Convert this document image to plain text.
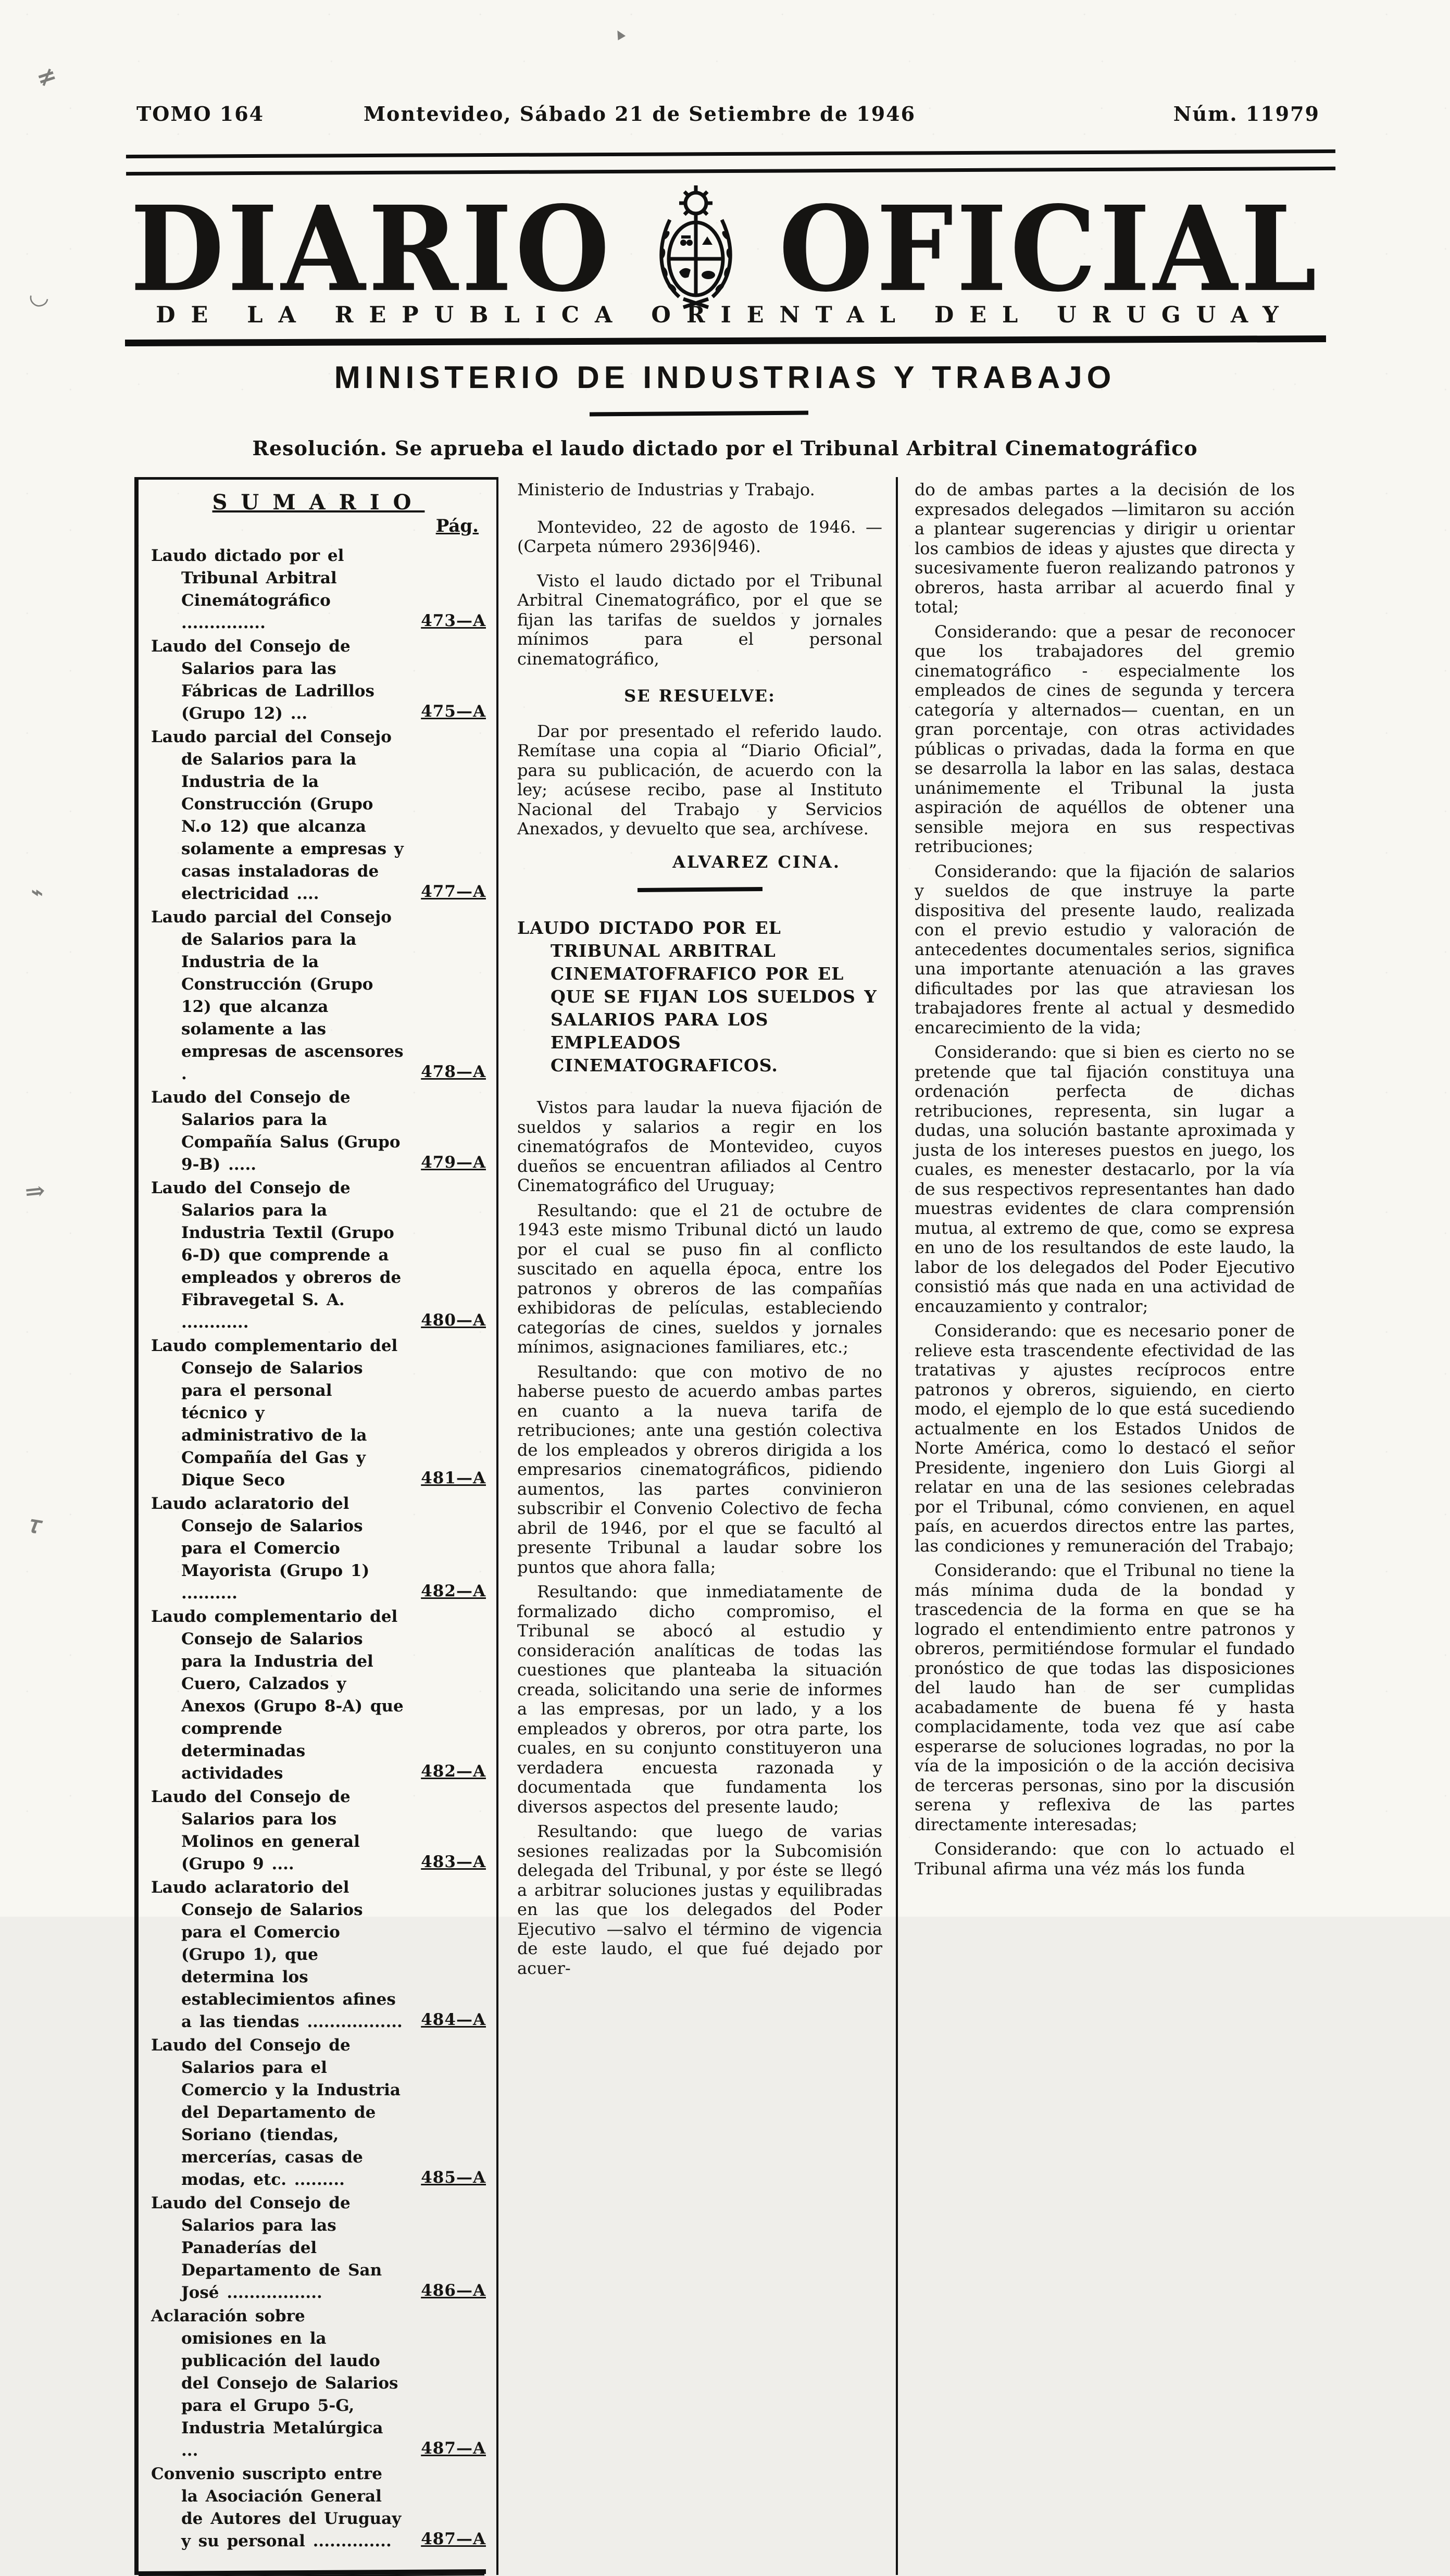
≠
◡
⌁
⇒
𝜏
▴
TOMO 164	Montevideo, Sábado 21 de Setiembre de 1946	Núm. 11979
DIARIO OFICIAL
DE LA REPUBLICA ORIENTAL DEL URUGUAY
MINISTERIO DE INDUSTRIAS Y TRABAJO
Resolución. Se aprueba el laudo dictado por el Tribunal Arbitral Cinematográfico
SUMARIO
Pág.
Laudo dictado por el Tribunal Arbitral Cinemátográfico ...............	473—A
Laudo del Consejo de Salarios para las Fábricas de Ladrillos (Grupo 12) ...	475—A
Laudo parcial del Consejo de Salarios para la Industria de la Construcción (Grupo N.o 12) que alcanza solamente a empresas y casas instaladoras de electricidad ....	477—A
Laudo parcial del Consejo de Salarios para la Industria de la Construcción (Grupo 12) que alcanza solamente a las empresas de ascensores .	478—A
Laudo del Consejo de Salarios para la Compañía Salus (Grupo 9-B) .....	479—A
Laudo del Consejo de Salarios para la Industria Textil (Grupo 6-D) que comprende a empleados y obreros de Fibravegetal S. A. ............	480—A
Laudo complementario del Consejo de Salarios para el personal técnico y administrativo de la Compañía del Gas y Dique Seco	481—A
Laudo aclaratorio del Consejo de Salarios para el Comercio Mayorista (Grupo 1) ..........	482—A
Laudo complementario del Consejo de Salarios para la Industria del Cuero, Calzados y Anexos (Grupo 8-A) que comprende determinadas actividades	482—A
Laudo del Consejo de Salarios para los Molinos en general (Grupo 9 ....	483—A
Laudo aclaratorio del Consejo de Salarios para el Comercio (Grupo 1), que determina los establecimientos afines a las tiendas ................. 484—A
Laudo del Consejo de Salarios para el Comercio y la Industria del Departamento de Soriano (tiendas, mercerías, casas de modas, etc. .........	485—A
Laudo del Consejo de Salarios para las Panaderías del Departamento de San José .................	486—A
Aclaración sobre omisiones en la publicación del laudo del Consejo de Salarios para el Grupo 5-G, Industria Metalúrgica ...	487—A
Convenio suscripto entre la Asociación General de Autores del Uruguay y su personal .............. 487—A

Ministerio de Industrias y Trabajo.

Montevideo, 22 de agosto de 1946. — (Carpeta número 2936|946).

Visto el laudo dictado por el Tribunal Arbitral Cinematográfico, por el que se fijan las tarifas de sueldos y jornales mínimos para el personal cinematográfico,

SE RESUELVE:

Dar por presentado el referido laudo. Remítase una copia al “Diario Oficial”, para su publicación, de acuerdo con la ley; acúsese recibo, pase al Instituto Nacional del Trabajo y Servicios Anexados, y devuelto que sea, archívese.

ALVAREZ CINA.

LAUDO DICTADO POR EL TRIBUNAL ARBITRAL CINEMATOFRAFICO POR EL QUE SE FIJAN LOS SUELDOS Y SALARIOS PARA LOS EMPLEADOS CINEMATOGRAFICOS.

Vistos para laudar la nueva fijación de sueldos y salarios a regir en los cinematógrafos de Montevideo, cuyos dueños se encuentran afiliados al Centro Cinematográfico del Uruguay;

Resultando: que el 21 de octubre de 1943 este mismo Tribunal dictó un laudo por el cual se puso fin al conflicto suscitado en aquella época, entre los patronos y obreros de las compañías exhibidoras de películas, estableciendo categorías de cines, sueldos y jornales mínimos, asignaciones familiares, etc.;

Resultando: que con motivo de no haberse puesto de acuerdo ambas partes en cuanto a la nueva tarifa de retribuciones; ante una gestión colectiva de los empleados y obreros dirigida a los empresarios cinematográficos, pidiendo aumentos, las partes convinieron subscribir el Convenio Colectivo de fecha abril de 1946, por el que se facultó al presente Tribunal a laudar sobre los puntos que ahora falla;

Resultando: que inmediatamente de formalizado dicho compromiso, el Tribunal se abocó al estudio y consideración analíticas de todas las cuestiones que planteaba la situación creada, solicitando una serie de informes a las empresas, por un lado, y a los empleados y obreros, por otra parte, los cuales, en su conjunto constituyeron una verdadera encuesta razonada y documentada que fundamenta los diversos aspectos del presente laudo;

Resultando: que luego de varias sesiones realizadas por la Subcomisión delegada del Tribunal, y por éste se llegó a arbitrar soluciones justas y equilibradas en las que los delegados del Poder Ejecutivo —salvo el término de vigencia de este laudo, el que fué dejado por acuer-

do de ambas partes a la decisión de los expresados delegados —limitaron su acción a plantear sugerencias y dirigir u orientar los cambios de ideas y ajustes que directa y sucesivamente fueron realizando patronos y obreros, hasta arribar al acuerdo final y total;

Considerando: que a pesar de reconocer que los trabajadores del gremio cinematográfico - especialmente los empleados de cines de segunda y tercera categoría y alternados— cuentan, en un gran porcentaje, con otras actividades públicas o privadas, dada la forma en que se desarrolla la labor en las salas, destaca unánimemente el Tribunal la justa aspiración de aquéllos de obtener una sensible mejora en sus respectivas retribuciones;

Considerando: que la fijación de salarios y sueldos de que instruye la parte dispositiva del presente laudo, realizada con el previo estudio y valoración de antecedentes documentales serios, significa una importante atenuación a las graves dificultades por las que atraviesan los trabajadores frente al actual y desmedido encarecimiento de la vida;

Considerando: que si bien es cierto no se pretende que tal fijación constituya una ordenación perfecta de dichas retribuciones, representa, sin lugar a dudas, una solución bastante aproximada y justa de los intereses puestos en juego, los cuales, es menester destacarlo, por la vía de sus respectivos representantes han dado muestras evidentes de clara comprensión mutua, al extremo de que, como se expresa en uno de los resultandos de este laudo, la labor de los delegados del Poder Ejecutivo consistió más que nada en una actividad de encauzamiento y contralor;

Considerando: que es necesario poner de relieve esta trascendente efectividad de las tratativas y ajustes recíprocos entre patronos y obreros, siguiendo, en cierto modo, el ejemplo de lo que está sucediendo actualmente en los Estados Unidos de Norte América, como lo destacó el señor Presidente, ingeniero don Luis Giorgi al relatar en una de las sesiones celebradas por el Tribunal, cómo convienen, en aquel país, en acuerdos directos entre las partes, las condiciones y remuneración del Trabajo;

Considerando: que el Tribunal no tiene la más mínima duda de la bondad y trascedencia de la forma en que se ha logrado el entendimiento entre patronos y obreros, permitiéndose formular el fundado pronóstico de que todas las disposiciones del laudo han de ser cumplidas acabadamente de buena fé y hasta complacidamente, toda vez que así cabe esperarse de soluciones logradas, no por la vía de la imposición o de la acción decisiva de terceras personas, sino por la discusión serena y reflexiva de las partes directamente interesadas;

Considerando: que con lo actuado el Tribunal afirma una véz más los funda
